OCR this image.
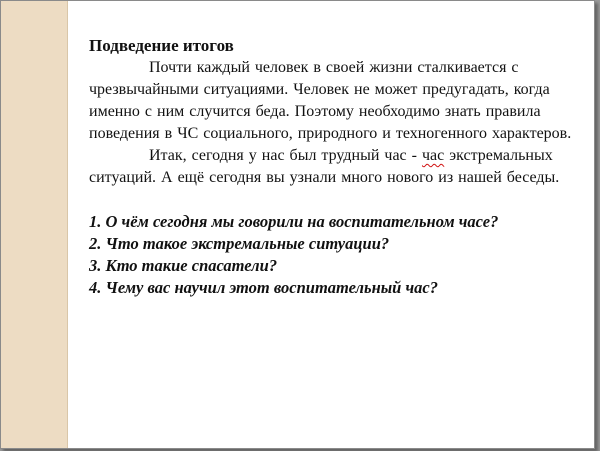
Подведение итогов

Почти каждый человек в своей жизни сталкивается с чрезвычайными ситуациями. Человек не может предугадать, когда именно с ним случится беда. Поэтому необходимо знать правила поведения в ЧС социального, природного и техногенного характеров.

Итак, сегодня у нас был трудный час - час экстремальных ситуаций. А ещё сегодня вы узнали много нового из нашей беседы.

1. О чём сегодня мы говорили на воспитательном часе?

2. Что такое экстремальные ситуации?

3. Кто такие спасатели?

4. Чему вас научил этот воспитательный час?
